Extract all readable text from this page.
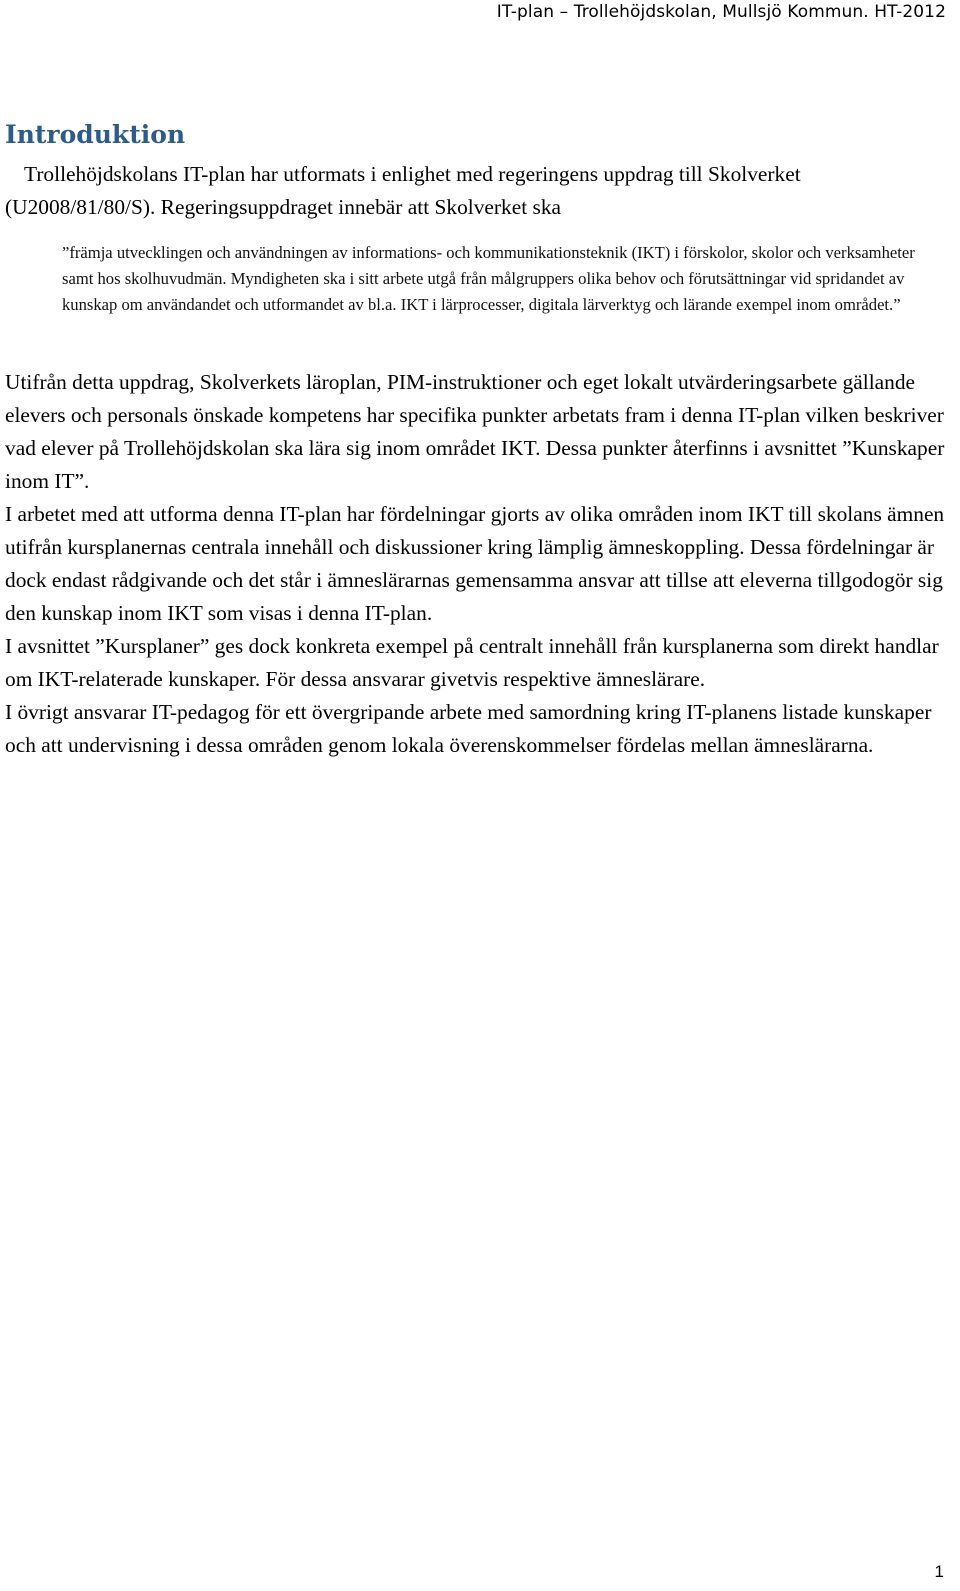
IT-plan – Trollehöjdskolan, Mullsjö Kommun. HT-2012
Introduktion

Trollehöjdskolans IT-plan har utformats i enlighet med regeringens uppdrag till Skolverket (U2008/81/80/S). Regeringsuppdraget innebär att Skolverket ska

”främja utvecklingen och användningen av informations- och kommunikationsteknik (IKT) i förskolor, skolor och verksamheter samt hos skolhuvudmän. Myndigheten ska i sitt arbete utgå från målgruppers olika behov och förutsättningar vid spridandet av kunskap om användandet och utformandet av bl.a. IKT i lärprocesser, digitala lärverktyg och lärande exempel inom området.”

Utifrån detta uppdrag, Skolverkets läroplan, PIM-instruktioner och eget lokalt utvärderingsarbete gällande elevers och personals önskade kompetens har specifika punkter arbetats fram i denna IT-plan vilken beskriver vad elever på Trollehöjdskolan ska lära sig inom området IKT. Dessa punkter återfinns i avsnittet ”Kunskaper inom IT”.

I arbetet med att utforma denna IT-plan har fördelningar gjorts av olika områden inom IKT till skolans ämnen utifrån kursplanernas centrala innehåll och diskussioner kring lämplig ämneskoppling. Dessa fördelningar är dock endast rådgivande och det står i ämneslärarnas gemensamma ansvar att tillse att eleverna tillgodogör sig den kunskap inom IKT som visas i denna IT-plan.

I avsnittet ”Kursplaner” ges dock konkreta exempel på centralt innehåll från kursplanerna som direkt handlar om IKT-relaterade kunskaper. För dessa ansvarar givetvis respektive ämneslärare.

I övrigt ansvarar IT-pedagog för ett övergripande arbete med samordning kring IT-planens listade kunskaper och att undervisning i dessa områden genom lokala överenskommelser fördelas mellan ämneslärarna.

1
